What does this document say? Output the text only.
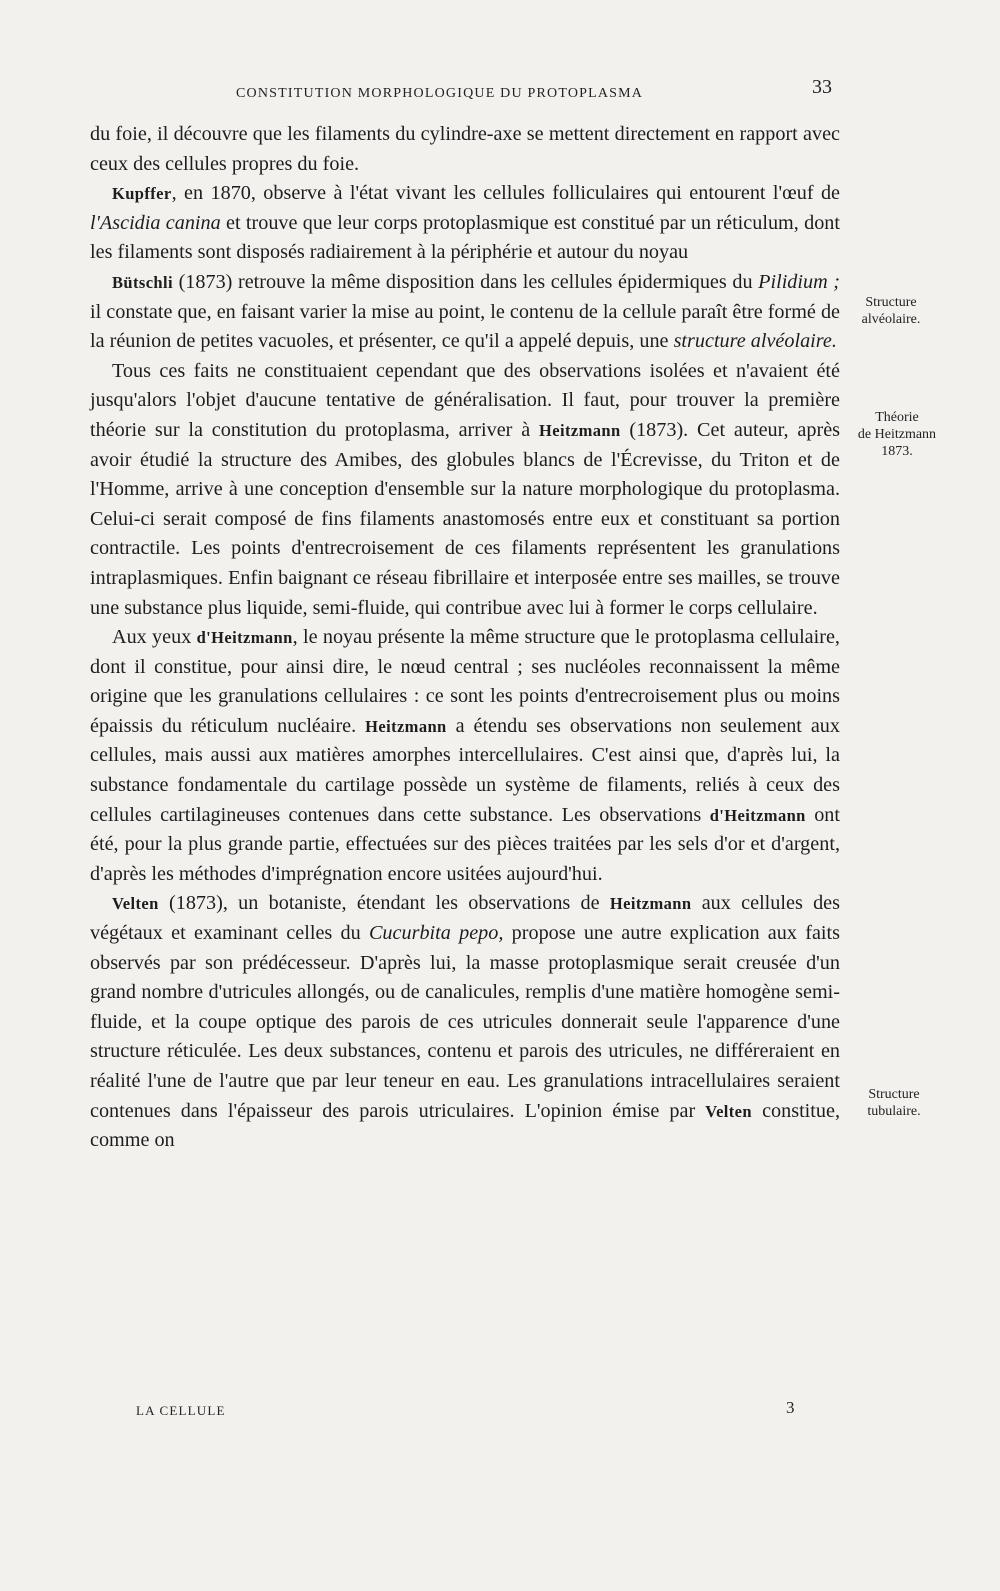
CONSTITUTION MORPHOLOGIQUE DU PROTOPLASMA	33

du foie, il découvre que les filaments du cylindre-axe se mettent directement en rapport avec ceux des cellules propres du foie.

Kupffer, en 1870, observe à l'état vivant les cellules folliculaires qui entourent l'œuf de l'Ascidia canina et trouve que leur corps protoplasmique est constitué par un réticulum, dont les filaments sont disposés radiairement à la périphérie et autour du noyau

Bütschli (1873) retrouve la même disposition dans les cellules épidermiques du Pilidium ; il constate que, en faisant varier la mise au point, le contenu de la cellule paraît être formé de la réunion de petites vacuoles, et présenter, ce qu'il a appelé depuis, une structure alvéolaire.

Tous ces faits ne constituaient cependant que des observations isolées et n'avaient été jusqu'alors l'objet d'aucune tentative de généralisation. Il faut, pour trouver la première théorie sur la constitution du protoplasma, arriver à Heitzmann (1873). Cet auteur, après avoir étudié la structure des Amibes, des globules blancs de l'Écrevisse, du Triton et de l'Homme, arrive à une conception d'ensemble sur la nature morphologique du protoplasma. Celui-ci serait composé de fins filaments anastomosés entre eux et constituant sa portion contractile. Les points d'entrecroisement de ces filaments représentent les granulations intraplasmiques. Enfin baignant ce réseau fibrillaire et interposée entre ses mailles, se trouve une substance plus liquide, semi-fluide, qui contribue avec lui à former le corps cellulaire.

Aux yeux d'Heitzmann, le noyau présente la même structure que le protoplasma cellulaire, dont il constitue, pour ainsi dire, le nœud central ; ses nucléoles reconnaissent la même origine que les granulations cellulaires : ce sont les points d'entrecroisement plus ou moins épaissis du réticulum nucléaire. Heitzmann a étendu ses observations non seulement aux cellules, mais aussi aux matières amorphes intercellulaires. C'est ainsi que, d'après lui, la substance fondamentale du cartilage possède un système de filaments, reliés à ceux des cellules cartilagineuses contenues dans cette substance. Les observations d'Heitzmann ont été, pour la plus grande partie, effectuées sur des pièces traitées par les sels d'or et d'argent, d'après les méthodes d'imprégnation encore usitées aujourd'hui.

Velten (1873), un botaniste, étendant les observations de Heitzmann aux cellules des végétaux et examinant celles du Cucurbita pepo, propose une autre explication aux faits observés par son prédécesseur. D'après lui, la masse protoplasmique serait creusée d'un grand nombre d'utricules allongés, ou de canalicules, remplis d'une matière homogène semi-fluide, et la coupe optique des parois de ces utricules donnerait seule l'apparence d'une structure réticulée. Les deux substances, contenu et parois des utricules, ne différeraient en réalité l'une de l'autre que par leur teneur en eau. Les granulations intracellulaires seraient contenues dans l'épaisseur des parois utriculaires. L'opinion émise par Velten constitue, comme on

Structure
alvéolaire.
Théorie
de Heitzmann
1873.
Structure
tubulaire.
LA CELLULE	3
